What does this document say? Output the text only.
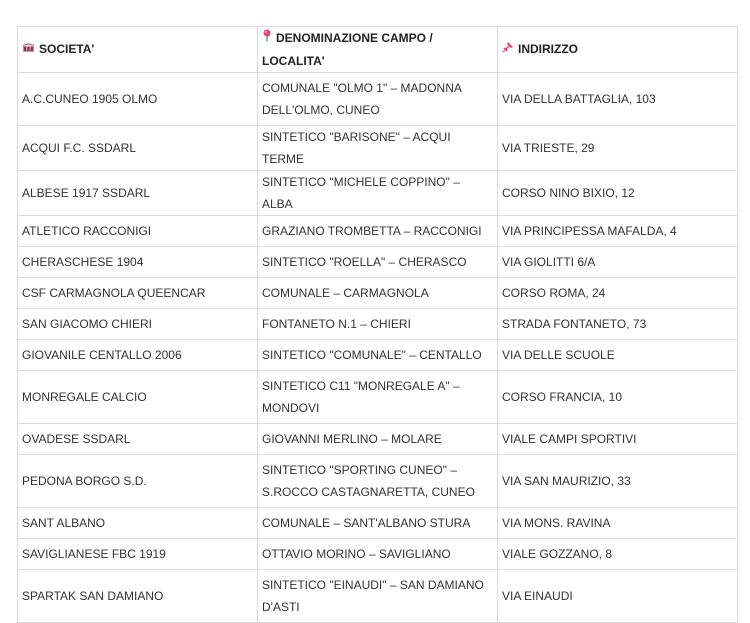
SOCIETA'	DENOMINAZIONE CAMPO / LOCALITA'	INDIRIZZO
A.C.CUNEO 1905 OLMO	COMUNALE "OLMO 1" – MADONNA DELL'OLMO, CUNEO	VIA DELLA BATTAGLIA, 103
ACQUI F.C. SSDARL	SINTETICO "BARISONE" – ACQUI TERME	VIA TRIESTE, 29
ALBESE 1917 SSDARL	SINTETICO "MICHELE COPPINO" – ALBA	CORSO NINO BIXIO, 12
ATLETICO RACCONIGI	GRAZIANO TROMBETTA – RACCONIGI	VIA PRINCIPESSA MAFALDA, 4
CHERASCHESE 1904	SINTETICO "ROELLA" – CHERASCO	VIA GIOLITTI 6/A
CSF CARMAGNOLA QUEENCAR	COMUNALE – CARMAGNOLA	CORSO ROMA, 24
SAN GIACOMO CHIERI	FONTANETO N.1 – CHIERI	STRADA FONTANETO, 73
GIOVANILE CENTALLO 2006	SINTETICO "COMUNALE" – CENTALLO	VIA DELLE SCUOLE
MONREGALE CALCIO	SINTETICO C11 "MONREGALE A" – MONDOVI	CORSO FRANCIA, 10
OVADESE SSDARL	GIOVANNI MERLINO – MOLARE	VIALE CAMPI SPORTIVI
PEDONA BORGO S.D.	SINTETICO "SPORTING CUNEO" – S.ROCCO CASTAGNARETTA, CUNEO	VIA SAN MAURIZIO, 33
SANT ALBANO	COMUNALE – SANT'ALBANO STURA	VIA MONS. RAVINA
SAVIGLIANESE FBC 1919	OTTAVIO MORINO – SAVIGLIANO	VIALE GOZZANO, 8
SPARTAK SAN DAMIANO	SINTETICO "EINAUDI" – SAN DAMIANO D'ASTI	VIA EINAUDI
